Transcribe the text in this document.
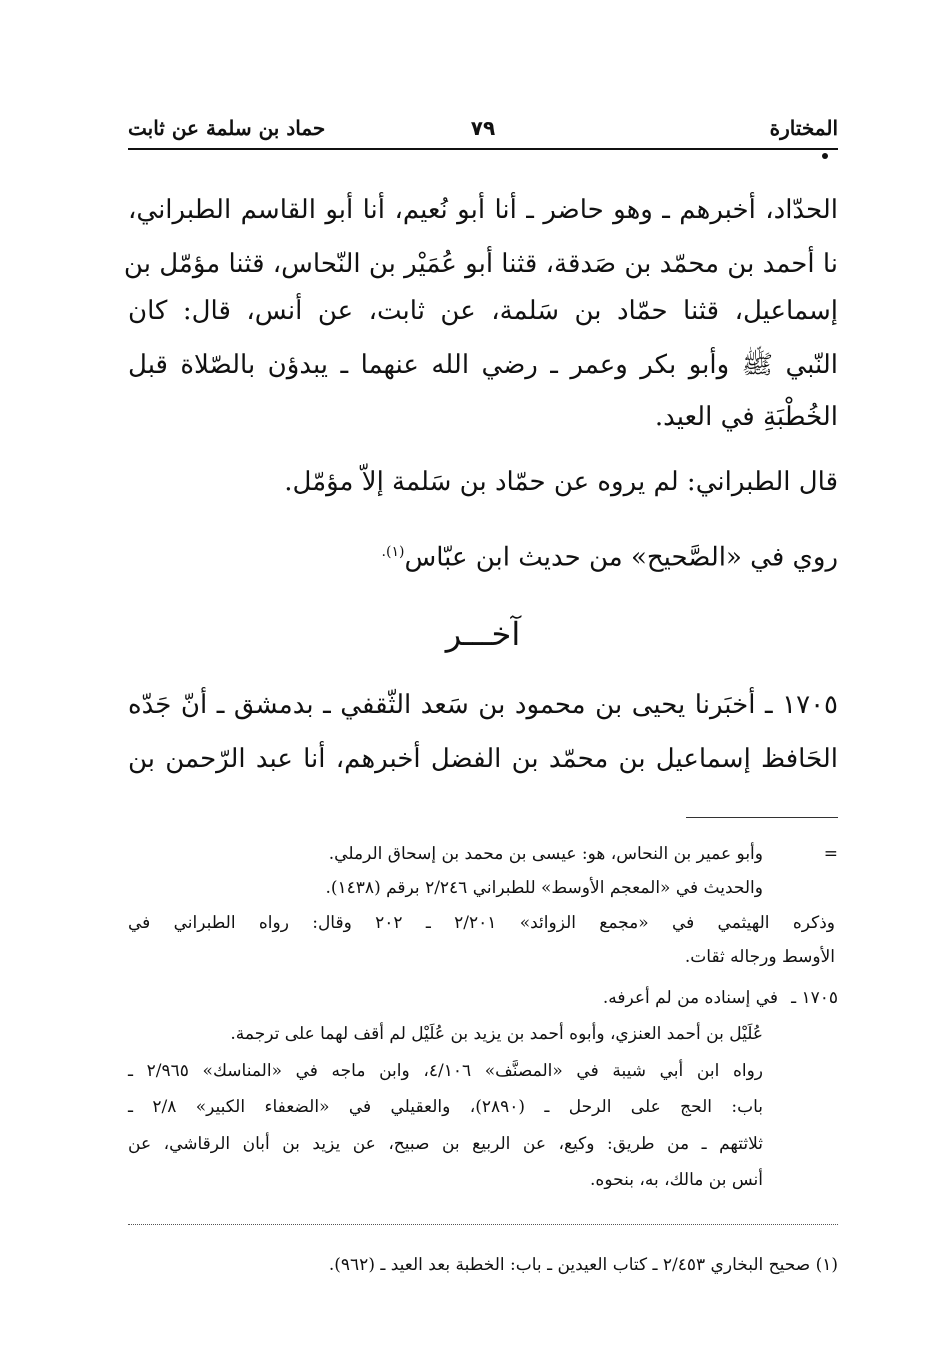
المختارة
٧٩
حماد بن سلمة عن ثابت
الحدّاد، أخبرهم ـ وهو حاضر ـ أنا أبو نُعيم، أنا أبو القاسم الطبراني،
نا أحمد بن محمّد بن صَدقة، قثنا أبو عُمَيْر بن النّحاس، قثنا مؤمّل بن
إسماعيل، قثنا حمّاد بن سَلمة، عن ثابت، عن أنس، قال: كان
النّبي ﷺ وأبو بكر وعمر ـ رضي الله عنهما ـ يبدؤن بالصّلاة قبل
الخُطْبَةِ في العيد.
قال الطبراني: لم يروه عن حمّاد بن سَلمة إلاّ مؤمّل.
روي في «الصَّحيح» من حديث ابن عبّاس$^{(١).}$
آخـــر
١٧٠٥ ـ أخبَرنا يحيى بن محمود بن سَعد الثّقفي ـ بدمشق ـ أنّ جَدّه
الحَافظ إسماعيل بن محمّد بن الفضل أخبرهم، أنا عبد الرّحمن بن
=
وأبو عمير بن النحاس، هو: عيسى بن محمد بن إسحاق الرملي.
والحديث في «المعجم الأوسط» للطبراني ٢/٢٤٦ برقم (١٤٣٨).
وذكره الهيثمي في «مجمع الزوائد» ٢/٢٠١ ـ ٢٠٢ وقال: رواه الطبراني في
الأوسط ورجاله ثقات.
١٧٠٥ ـ
في إسناده من لم أعرفه.
عُلَيْل بن أحمد العنزي، وأبوه أحمد بن يزيد بن عُلَيْل لم أقف لهما على ترجمة.
رواه ابن أبي شيبة في «المصنَّف» ٤/١٠٦، وابن ماجه في «المناسك» ٢/٩٦٥ ـ
باب: الحج على الرحل ـ (٢٨٩٠)، والعقيلي في «الضعفاء الكبير» ٢/٨ ـ
ثلاثتهم ـ من طريق: وكيع، عن الربيع بن صبيح، عن يزيد بن أبان الرقاشي، عن
أنس بن مالك، به، بنحوه.
(١) صحيح البخاري ٢/٤٥٣ ـ كتاب العيدين ـ باب: الخطبة بعد العيد ـ (٩٦٢).
